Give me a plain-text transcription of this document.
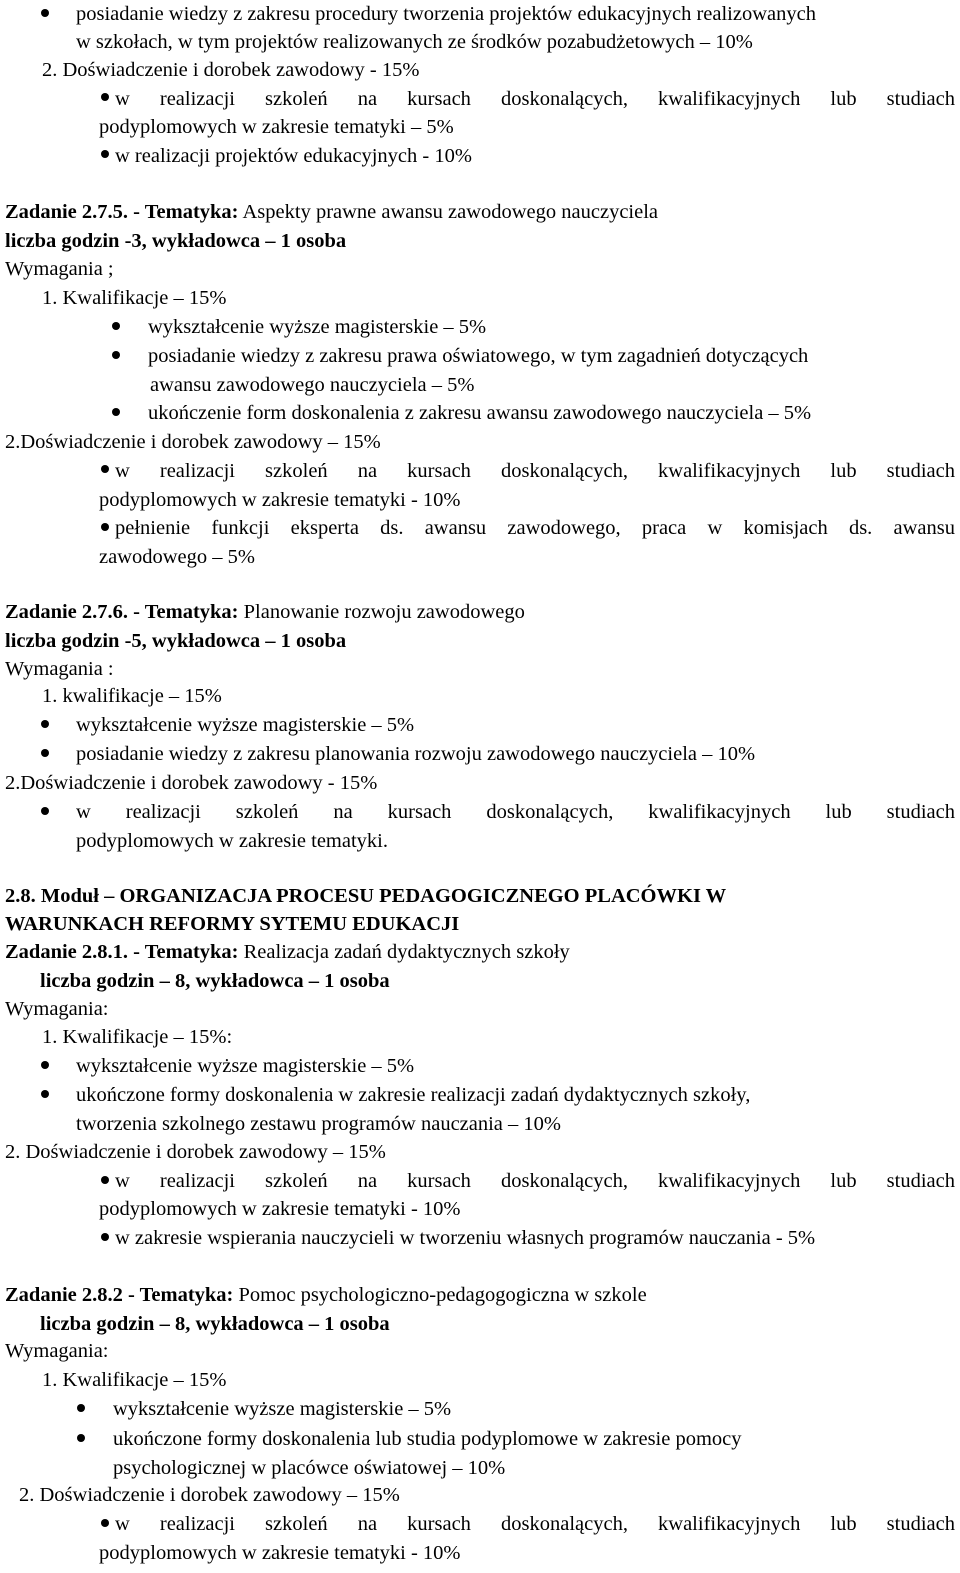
posiadanie wiedzy z zakresu procedury tworzenia projektów edukacyjnych realizowanych
w szkołach, w tym projektów realizowanych ze środków pozabudżetowych – 10%
2. Doświadczenie i dorobek zawodowy - 15%
w realizacji szkoleń na kursach doskonalących, kwalifikacyjnych lub studiach
podyplomowych w zakresie tematyki – 5%
w realizacji projektów edukacyjnych - 10%
Zadanie 2.7.5. - Tematyka: Aspekty prawne awansu zawodowego nauczyciela
liczba godzin -3, wykładowca – 1 osoba
Wymagania ;
1. Kwalifikacje – 15%
wykształcenie wyższe magisterskie – 5%
posiadanie wiedzy z zakresu prawa oświatowego, w tym zagadnień dotyczących
awansu zawodowego nauczyciela – 5%
ukończenie form doskonalenia z zakresu awansu zawodowego nauczyciela – 5%
2.Doświadczenie i dorobek zawodowy – 15%
w realizacji szkoleń na kursach doskonalących, kwalifikacyjnych lub studiach
podyplomowych w zakresie tematyki - 10%
pełnienie funkcji eksperta ds. awansu zawodowego, praca w komisjach ds. awansu
zawodowego – 5%
Zadanie 2.7.6. - Tematyka: Planowanie rozwoju zawodowego
liczba godzin -5, wykładowca – 1 osoba
Wymagania :
1. kwalifikacje – 15%
wykształcenie wyższe magisterskie – 5%
posiadanie wiedzy z zakresu planowania rozwoju zawodowego nauczyciela – 10%
2.Doświadczenie i dorobek zawodowy - 15%
w realizacji szkoleń na kursach doskonalących, kwalifikacyjnych lub studiach
podyplomowych w zakresie tematyki.
2.8. Moduł – ORGANIZACJA PROCESU PEDAGOGICZNEGO PLACÓWKI W
WARUNKACH REFORMY SYTEMU EDUKACJI
Zadanie 2.8.1. - Tematyka: Realizacja zadań dydaktycznych szkoły
liczba godzin – 8, wykładowca – 1 osoba
Wymagania:
1. Kwalifikacje – 15%:
wykształcenie wyższe magisterskie – 5%
ukończone formy doskonalenia w zakresie realizacji zadań dydaktycznych szkoły,
tworzenia szkolnego zestawu programów nauczania – 10%
2. Doświadczenie i dorobek zawodowy – 15%
w realizacji szkoleń na kursach doskonalących, kwalifikacyjnych lub studiach
podyplomowych w zakresie tematyki - 10%
w zakresie wspierania nauczycieli w tworzeniu własnych programów nauczania - 5%
Zadanie 2.8.2 - Tematyka: Pomoc psychologiczno-pedagogogiczna w szkole
liczba godzin – 8, wykładowca – 1 osoba
Wymagania:
1. Kwalifikacje – 15%
wykształcenie wyższe magisterskie – 5%
ukończone formy doskonalenia lub studia podyplomowe w zakresie pomocy
psychologicznej w placówce oświatowej – 10%
2. Doświadczenie i dorobek zawodowy – 15%
w realizacji szkoleń na kursach doskonalących, kwalifikacyjnych lub studiach
podyplomowych w zakresie tematyki - 10%
